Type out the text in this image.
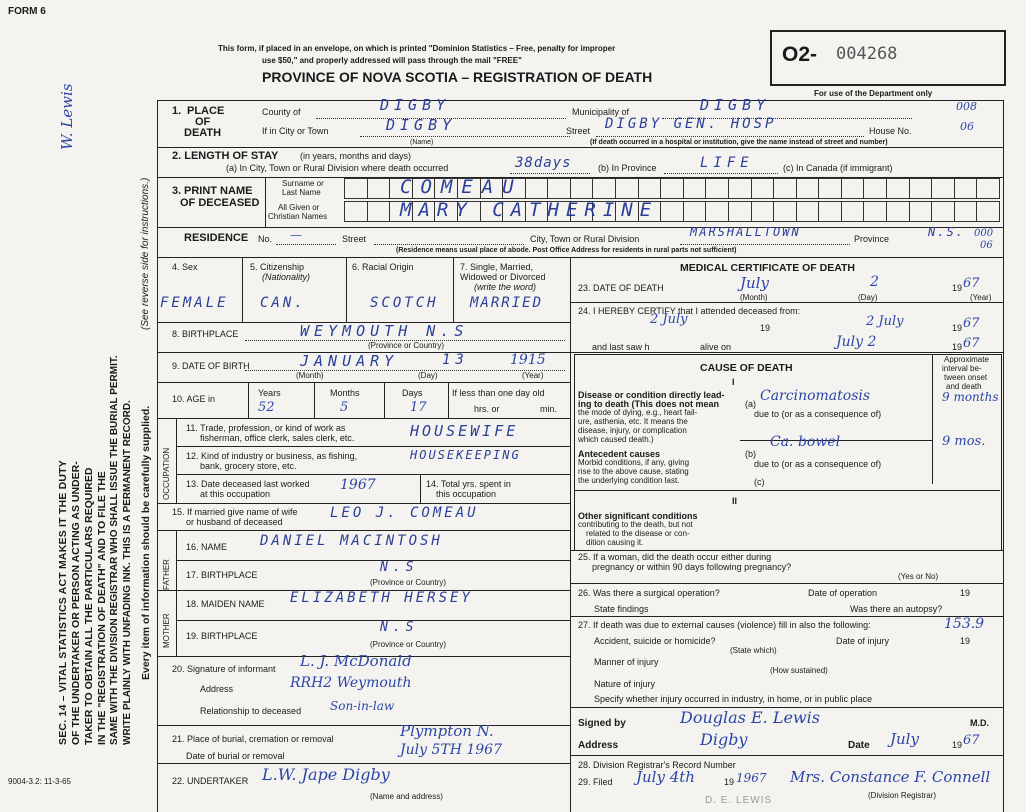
FORM 6
This form, if placed in an envelope, on which is printed "Dominion Statistics – Free, penalty for improper
use $50," and properly addressed will pass through the mail "FREE"
PROVINCE OF NOVA SCOTIA – REGISTRATION OF DEATH
O2- 004268
For use of the Department only
SEC. 14 – VITAL STATISTICS ACT MAKES IT THE DUTY OF THE UNDERTAKER OR PERSON ACTING AS UNDER- TAKER TO OBTAIN ALL THE PARTICULARS REQUIRED IN THE "REGISTRATION OF DEATH" AND TO FILE THE SAME WITH THE DIVISION REGISTRAR WHO SHALL ISSUE THE BURIAL PERMIT. WRITE PLAINLY WITH UNFADING INK. THIS IS A PERMANENT RECORD.
(See reverse side for instructions.)
Every item of information should be carefully supplied.
W. Lewis
9004-3.2: 11-3-65
1. PLACE
OF
DEATH
County of	DIGBY	Municipality of	DIGBY	008
If in City or Town	DIGBY
(Name)
Street DIGBY GEN. HOSP	House No.	06
(If death occurred in a hospital or institution, give the name instead of street and number)
2. LENGTH OF STAY (in years, months and days)
(a) In City, Town or Rural Division where death occurred	38days	(b) In Province	LIFE	(c) In Canada (if immigrant)
3. PRINT NAME
OF DECEASED
Surname or
Last Name
All Given or
Christian Names
COMEAU
MARY CATHERINE
RESIDENCE No. —	Street	City, Town or Rural Division	MARSHALLTOWN	Province	N.S. 000
06
(Residence means usual place of abode. Post Office Address for residents in rural parts not sufficient)
4. Sex	5. Citizenship
(Nationality)
6. Racial Origin	7. Single, Married,
Widowed or Divorced
(write the word)
FEMALE CAN.	SCOTCH MARRIED
8. BIRTHPLACE	WEYMOUTH N.S
(Province or Country)
9. DATE OF BIRTH	JANUARY	13	1915
(Month)	(Day)	(Year)
10. AGE in
Years	Months	Days
52	5	17
If less than one day old
hrs. or	min.
OCCUPATION
11. Trade, profession, or kind of work as
fisherman, office clerk, sales clerk, etc.	HOUSEWIFE
12. Kind of industry or business, as fishing,
bank, grocery store, etc.
HOUSEKEEPING
13. Date deceased last worked
at this occupation
1967	14. Total yrs. spent in
this occupation
15. If married give name of wife
or husband of deceased
LEO J. COMEAU
FATHER
16. NAME DANIEL MACINTOSH
17. BIRTHPLACE	N.S
(Province or Country)
MOTHER
18. MAIDEN NAME ELIZABETH HERSEY
19. BIRTHPLACE
N.S
(Province or Country)
20. Signature of informant L. J. McDonald
Address	RRH2 Weymouth
Relationship to deceased Son-in-law
21. Place of burial, cremation or removal	Plympton N.
Date of burial or removal	July 5TH 1967
22. UNDERTAKER L.W. Jape Digby
(Name and address)
MEDICAL CERTIFICATE OF DEATH
23. DATE OF DEATH	July	2	19 67
(Month)	(Day)	(Year)
24. I HEREBY CERTIFY that I attended deceased from:
2 July
19	2 July	19 67
and last saw h	alive on	July 2	19 67
CAUSE OF DEATH
Approximate
interval be-
tween onset
and death
I
Disease or condition directly lead-
ing to death (This does not mean
the mode of dying, e.g., heart fail-
ure, asthenia, etc. It means the
disease, injury, or complication
which caused death.)
(a) Carcinomatosis	9 months
due to (or as a consequence of)
Antecedent causes
Morbid conditions, if any, giving
rise to the above cause, stating
the underlying condition last.
(b)
Ca. bowel	9 mos.
due to (or as a consequence of)
(c)
II
Other significant conditions
contributing to the death, but not
related to the disease or con-
dition causing it.
25. If a woman, did the death occur either during
pregnancy or within 90 days following pregnancy?
(Yes or No)
26. Was there a surgical operation?	Date of operation	19
State findings	Was there an autopsy?
27. If death was due to external causes (violence) fill in also the following:	153.9
Accident, suicide or homicide?	Date of injury	19
(State which)
Manner of injury
(How sustained)
Nature of injury
Specify whether injury occurred in industry, in home, or in public place
Signed by	Douglas E. Lewis	M.D.
Address	Digby	Date July	19 67
28. Division Registrar's Record Number
29. Filed July 4th	19 1967 Mrs. Constance F. Connell
(Division Registrar)
D. E. LEWIS
